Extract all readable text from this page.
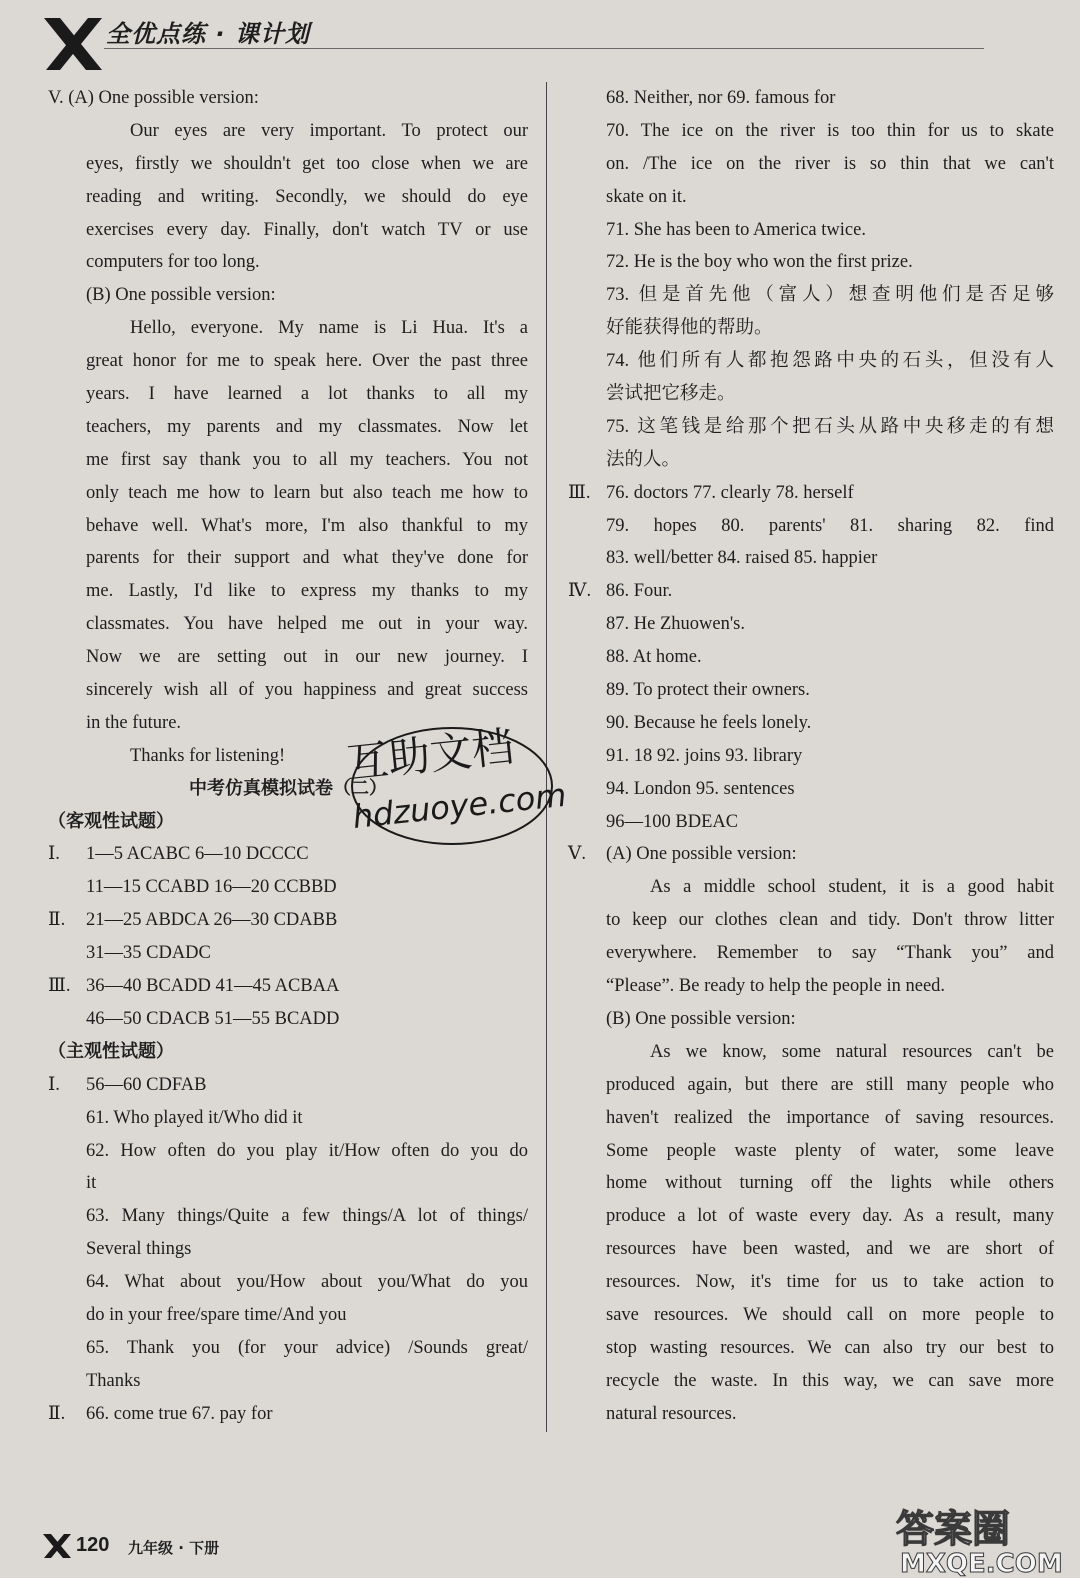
全优点练 · 课计划
V. (A) One possible version:
Our eyes are very important. To protect our
eyes, firstly we shouldn't get too close when we are
reading and writing. Secondly, we should do eye
exercises every day. Finally, don't watch TV or use
computers for too long.
(B) One possible version:
Hello, everyone. My name is Li Hua. It's a
great honor for me to speak here. Over the past three
years. I have learned a lot thanks to all my
teachers, my parents and my classmates. Now let
me first say thank you to all my teachers. You not
only teach me how to learn but also teach me how to
behave well. What's more, I'm also thankful to my
parents for their support and what they've done for
me. Lastly, I'd like to express my thanks to my
classmates. You have helped me out in your way.
Now we are setting out in our new journey. I
sincerely wish all of you happiness and great success
in the future.
Thanks for listening!
中考仿真模拟试卷（二）
（客观性试题）
Ⅰ. 1—5 ACABC 6—10 DCCCC
11—15 CCABD 16—20 CCBBD
Ⅱ. 21—25 ABDCA 26—30 CDABB
31—35 CDADC
Ⅲ. 36—40 BCADD 41—45 ACBAA
46—50 CDACB 51—55 BCADD
（主观性试题）
Ⅰ. 56—60 CDFAB
61. Who played it/Who did it
62. How often do you play it/How often do you do
it
63. Many things/Quite a few things/A lot of things/
Several things
64. What about you/How about you/What do you
do in your free/spare time/And you
65. Thank you (for your advice) /Sounds great/
Thanks
Ⅱ. 66. come true 67. pay for
68. Neither, nor 69. famous for
70. The ice on the river is too thin for us to skate
on. /The ice on the river is so thin that we can't
skate on it.
71. She has been to America twice.
72. He is the boy who won the first prize.
73. 但是首先他（富人）想查明他们是否足够
好能获得他的帮助。
74. 他们所有人都抱怨路中央的石头，但没有人
尝试把它移走。
75. 这笔钱是给那个把石头从路中央移走的有想
法的人。
Ⅲ. 76. doctors 77. clearly 78. herself
79. hopes 80. parents' 81. sharing 82. find
83. well/better 84. raised 85. happier
Ⅳ. 86. Four.
87. He Zhuowen's.
88. At home.
89. To protect their owners.
90. Because he feels lonely.
91. 18 92. joins 93. library
94. London 95. sentences
96—100 BDEAC
Ⅴ. (A) One possible version:
As a middle school student, it is a good habit
to keep our clothes clean and tidy. Don't throw litter
everywhere. Remember to say “Thank you” and
“Please”. Be ready to help the people in need.
(B) One possible version:
As we know, some natural resources can't be
produced again, but there are still many people who
haven't realized the importance of saving resources.
Some people waste plenty of water, some leave
home without turning off the lights while others
produce a lot of waste every day. As a result, many
resources have been wasted, and we are short of
resources. Now, it's time for us to take action to
save resources. We should call on more people to
stop wasting resources. We can also try our best to
recycle the waste. In this way, we can save more
natural resources.
互助文档
hdzuoye.com
答案圈
MXQE.COM
120 九年级 · 下册
